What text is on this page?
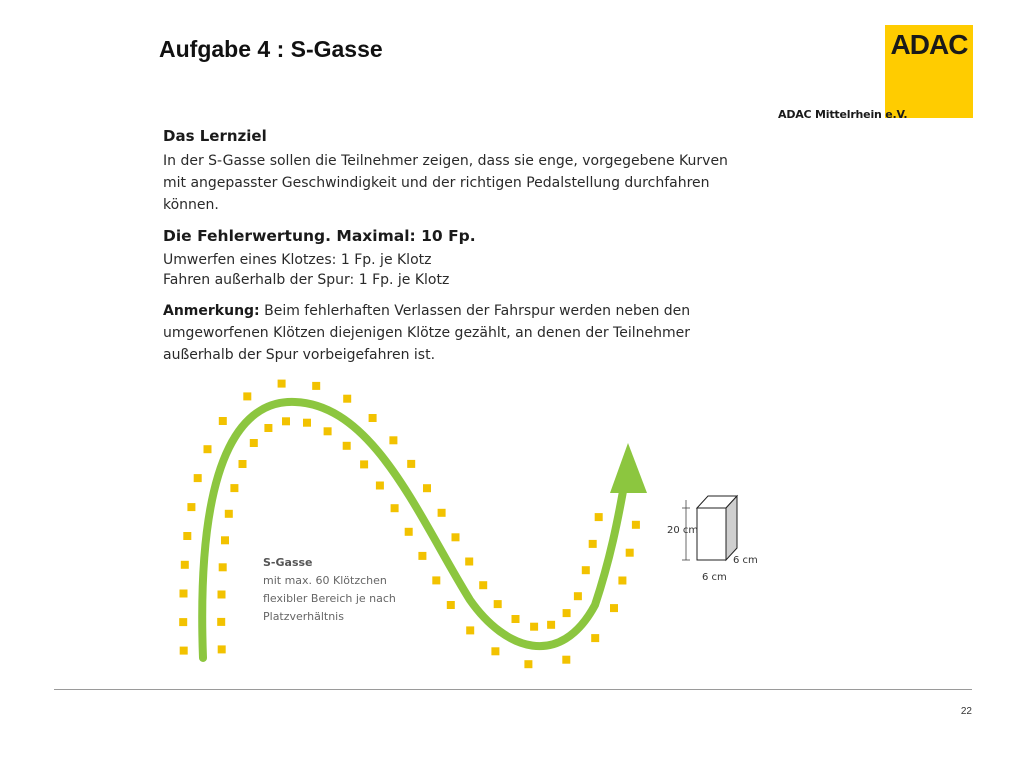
Aufgabe 4 : S-Gasse	ADAC
ADAC Mittelrhein e.V.
Das Lernziel

In der S-Gasse sollen die Teilnehmer zeigen, dass sie enge, vorgegebene Kurven
mit angepasster Geschwindigkeit und der richtigen Pedalstellung durchfahren können.

Die Fehlerwertung. Maximal: 10 Fp.

Umwerfen eines Klotzes: 1 Fp. je Klotz
Fahren außerhalb der Spur: 1 Fp. je Klotz

Anmerkung: Beim fehlerhaften Verlassen der Fahrspur werden neben den
umgeworfenen Klötzen diejenigen Klötze gezählt, an denen der Teilnehmer
außerhalb der Spur vorbeigefahren ist.

S-Gasse
mit max. 60 Klötzchen
flexibler Bereich je nach
Platzverhältnis
20 cm
6 cm
6 cm
22
